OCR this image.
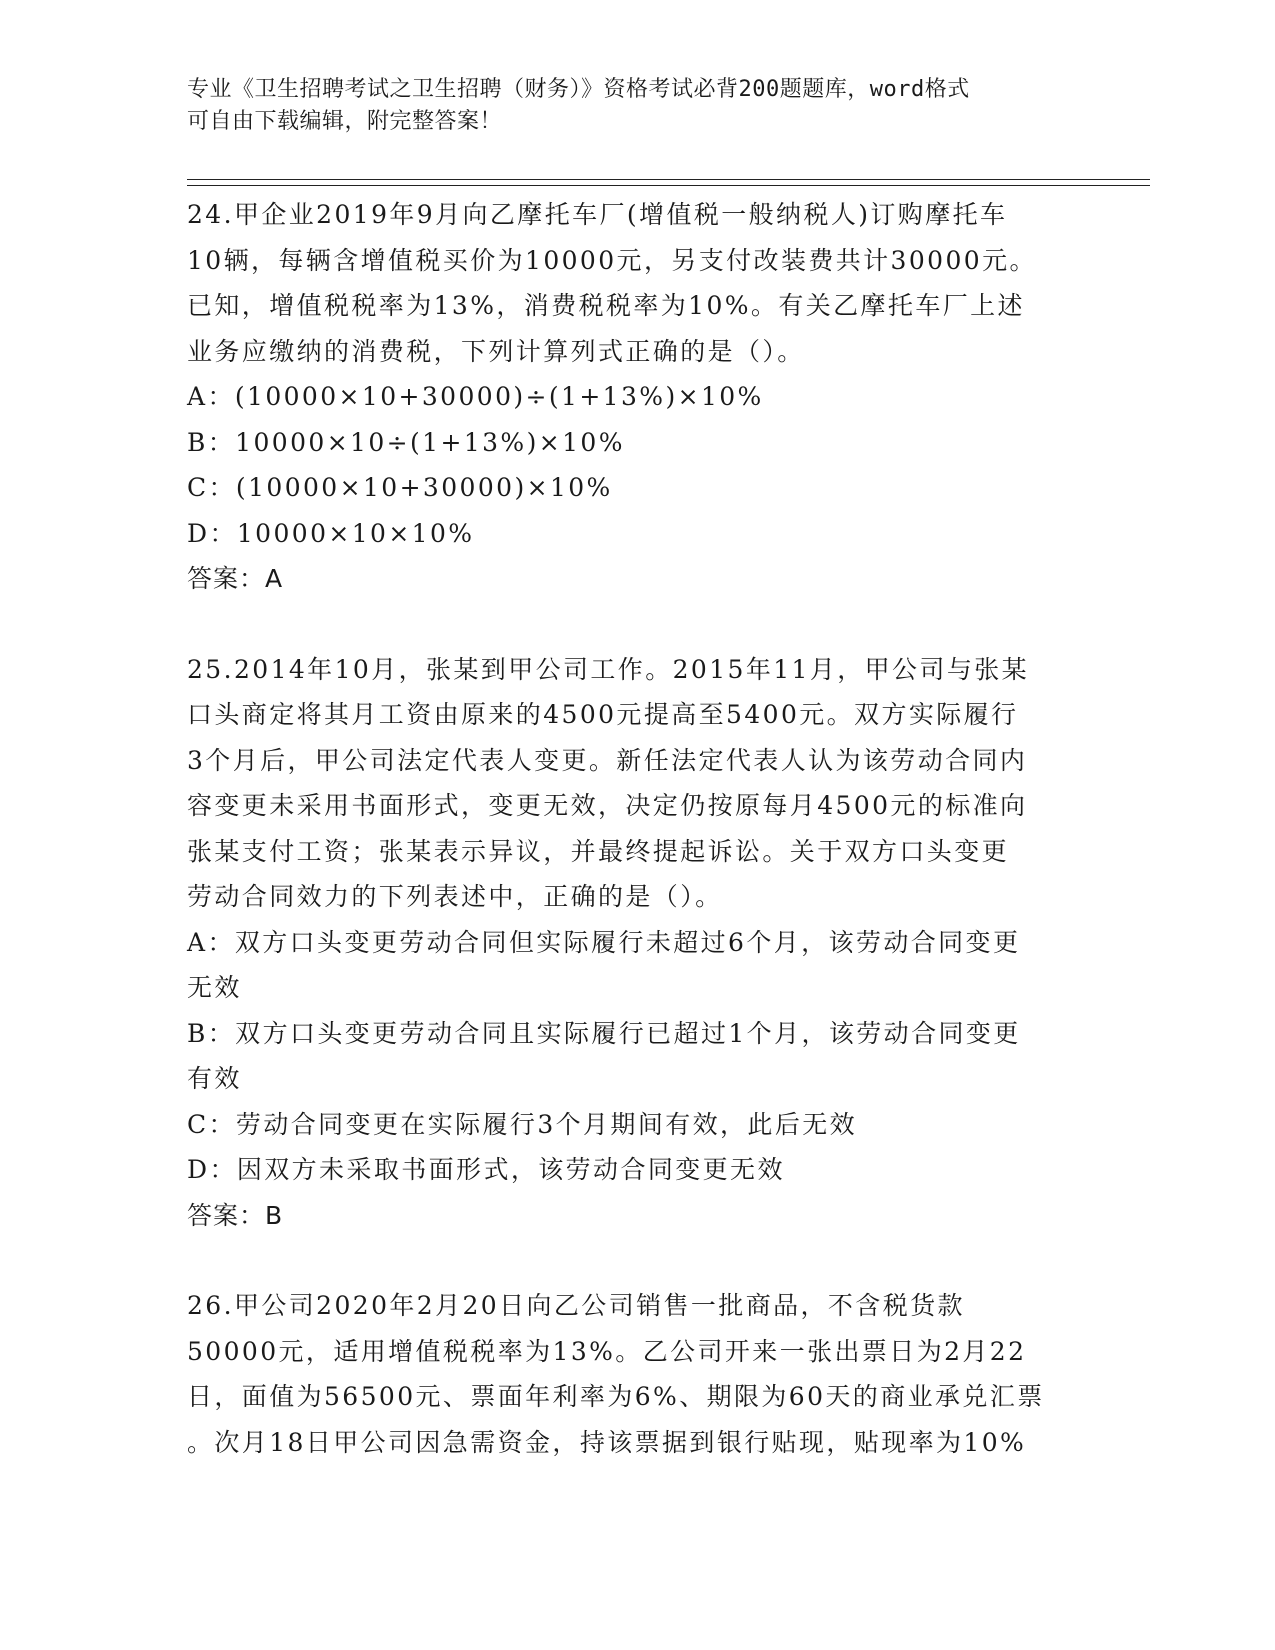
专业《卫生招聘考试之卫生招聘（财务）》资格考试必背200题题库，word格式
可自由下载编辑，附完整答案！

24.甲企业2019年9月向乙摩托车厂(增值税一般纳税人)订购摩托车

10辆，每辆含增值税买价为10000元，另支付改装费共计30000元。

已知，增值税税率为13%，消费税税率为10%。有关乙摩托车厂上述

业务应缴纳的消费税，下列计算列式正确的是（）。

A：(10000×10+30000)÷(1+13%)×10%

B：10000×10÷(1+13%)×10%

C：(10000×10+30000)×10%

D：10000×10×10%

答案：A

25.2014年10月，张某到甲公司工作。2015年11月，甲公司与张某

口头商定将其月工资由原来的4500元提高至5400元。双方实际履行

3个月后，甲公司法定代表人变更。新任法定代表人认为该劳动合同内

容变更未采用书面形式，变更无效，决定仍按原每月4500元的标准向

张某支付工资；张某表示异议，并最终提起诉讼。关于双方口头变更

劳动合同效力的下列表述中，正确的是（）。

A：双方口头变更劳动合同但实际履行未超过6个月，该劳动合同变更

无效

B：双方口头变更劳动合同且实际履行已超过1个月，该劳动合同变更

有效

C：劳动合同变更在实际履行3个月期间有效，此后无效

D：因双方未采取书面形式，该劳动合同变更无效

答案：B

26.甲公司2020年2月20日向乙公司销售一批商品，不含税货款

50000元，适用增值税税率为13%。乙公司开来一张出票日为2月22

日，面值为56500元、票面年利率为6%、期限为60天的商业承兑汇票

。次月18日甲公司因急需资金，持该票据到银行贴现，贴现率为10%
